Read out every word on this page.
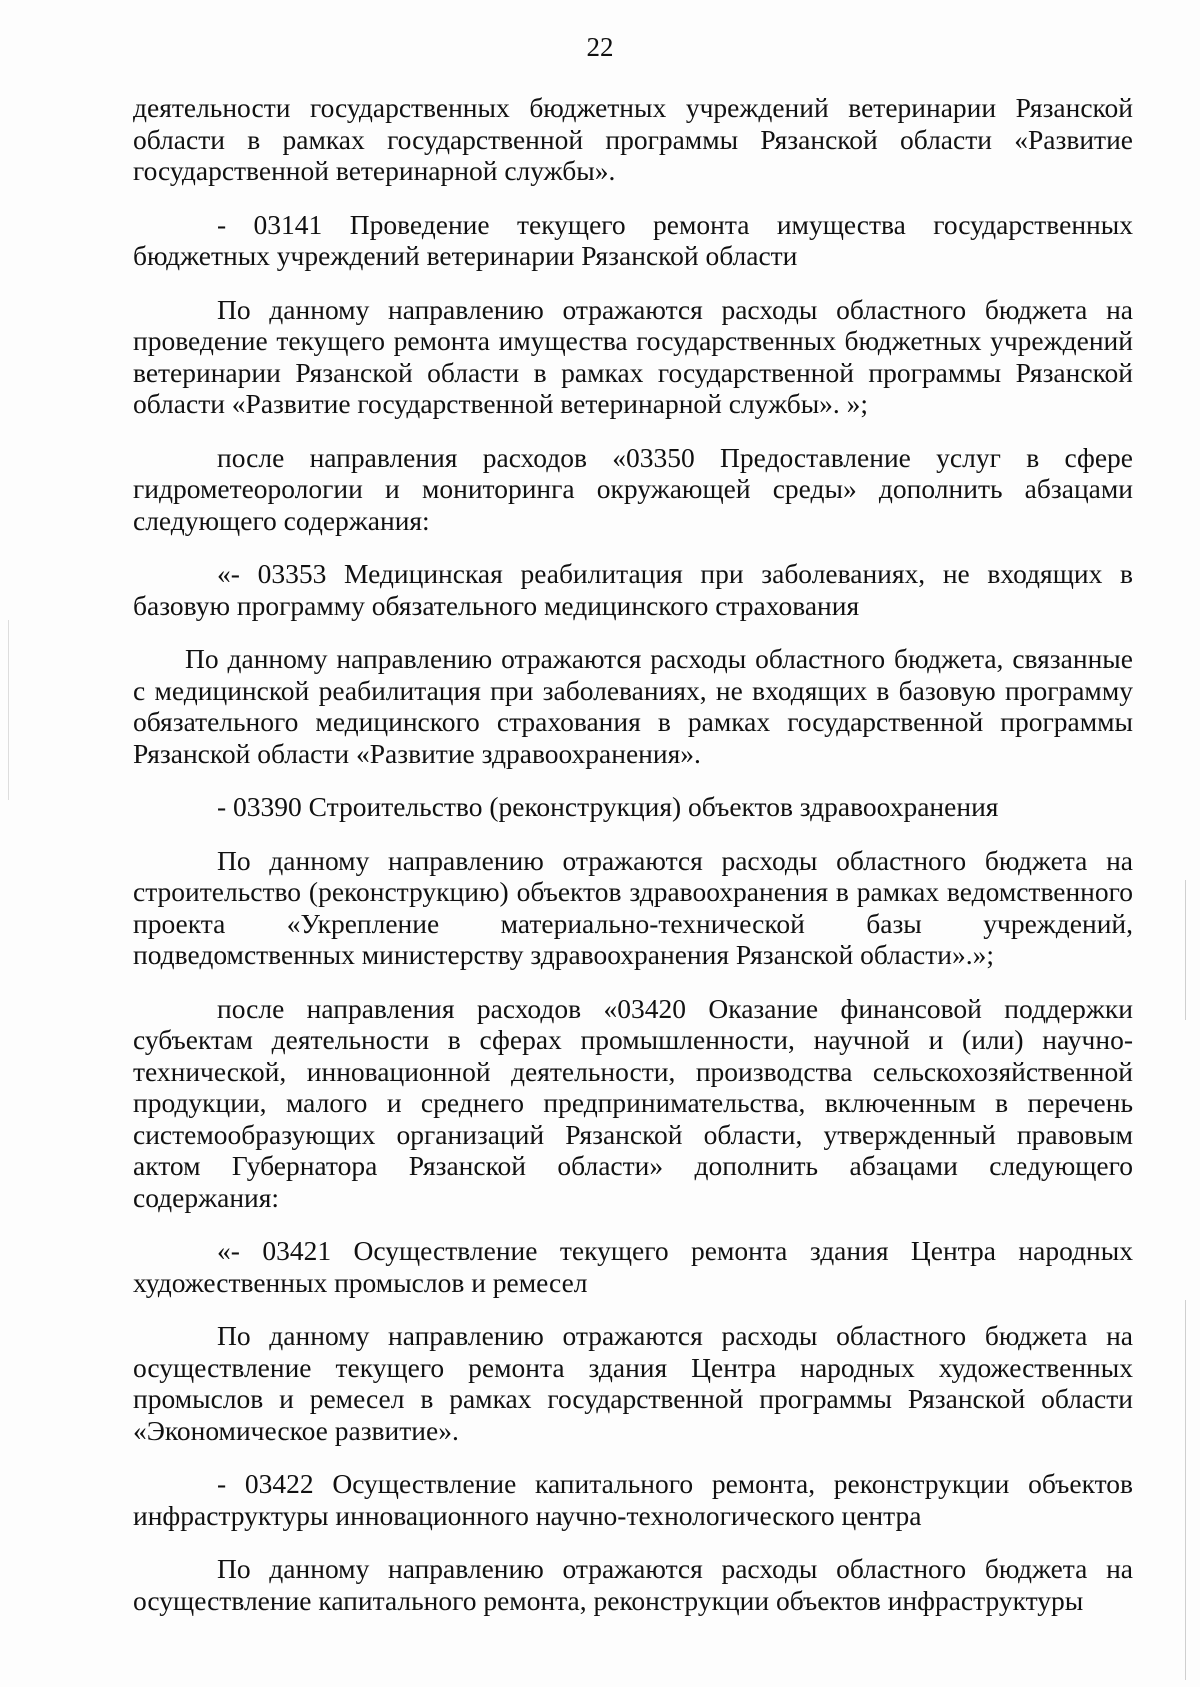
22

деятельности государственных бюджетных учреждений ветеринарии Рязанской области в рамках государственной программы Рязанской области «Развитие государственной ветеринарной службы».

- 03141 Проведение текущего ремонта имущества государственных бюджетных учреждений ветеринарии Рязанской области

По данному направлению отражаются расходы областного бюджета на проведение текущего ремонта имущества государственных бюджетных учреждений ветеринарии Рязанской области в рамках государственной программы Рязанской области «Развитие государственной ветеринарной службы». »;

после направления расходов «03350 Предоставление услуг в сфере гидрометеорологии и мониторинга окружающей среды» дополнить абзацами следующего содержания:

«- 03353 Медицинская реабилитация при заболеваниях, не входящих в базовую программу обязательного медицинского страхования

По данному направлению отражаются расходы областного бюджета, связанные с медицинской реабилитация при заболеваниях, не входящих в базовую программу обязательного медицинского страхования в рамках государственной программы Рязанской области «Развитие здравоохранения».

- 03390 Строительство (реконструкция) объектов здравоохранения

По данному направлению отражаются расходы областного бюджета на строительство (реконструкцию) объектов здравоохранения в рамках ведомственного проекта «Укрепление материально-технической базы учреждений, подведомственных министерству здравоохранения Рязанской области».»;

после направления расходов «03420 Оказание финансовой поддержки субъектам деятельности в сферах промышленности, научной и (или) научно-технической, инновационной деятельности, производства сельскохозяйственной продукции, малого и среднего предпринимательства, включенным в перечень системообразующих организаций Рязанской области, утвержденный правовым актом Губернатора Рязанской области» дополнить абзацами следующего содержания:

«- 03421 Осуществление текущего ремонта здания Центра народных художественных промыслов и ремесел

По данному направлению отражаются расходы областного бюджета на осуществление текущего ремонта здания Центра народных художественных промыслов и ремесел в рамках государственной программы Рязанской области «Экономическое развитие».

- 03422 Осуществление капитального ремонта, реконструкции объектов инфраструктуры инновационного научно-технологического центра

По данному направлению отражаются расходы областного бюджета на осуществление капитального ремонта, реконструкции объектов инфраструктуры
